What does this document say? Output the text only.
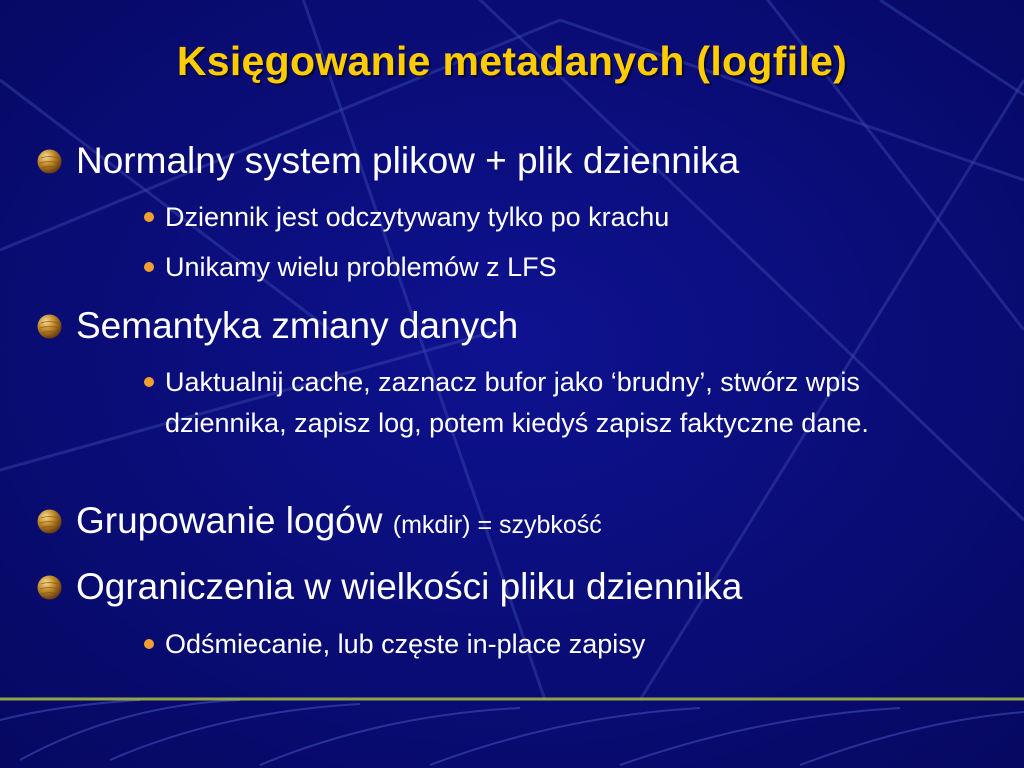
Księgowanie metadanych (logfile)
Normalny system plikow + plik dziennika
Dziennik jest odczytywany tylko po krachu
Unikamy wielu problemów z LFS
Semantyka zmiany danych
Uaktualnij cache, zaznacz bufor jako ‘brudny’, stwórz wpis dziennika, zapisz log, potem kiedyś zapisz faktyczne dane.
Grupowanie logów (mkdir) = szybkość
Ograniczenia w wielkości pliku dziennika
Odśmiecanie, lub częste in-place zapisy
